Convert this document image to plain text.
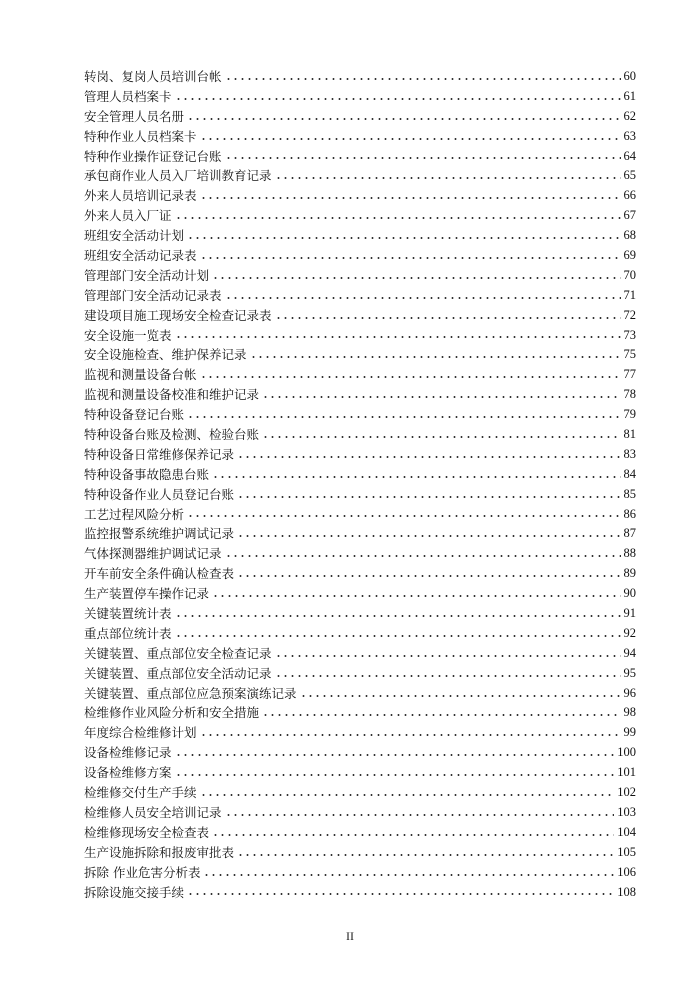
转岗、复岗人员培训台帐	60
管理人员档案卡	61
安全管理人员名册	62
特种作业人员档案卡	63
特种作业操作证登记台账	64
承包商作业人员入厂培训教育记录	65
外来人员培训记录表	66
外来人员入厂证	67
班组安全活动计划	68
班组安全活动记录表	69
管理部门安全活动计划	70
管理部门安全活动记录表	71
建设项目施工现场安全检查记录表	72
安全设施一览表	73
安全设施检查、维护保养记录	75
监视和测量设备台帐	77
监视和测量设备校准和维护记录	78
特种设备登记台账	79
特种设备台账及检测、检验台账	81
特种设备日常维修保养记录	83
特种设备事故隐患台账	84
特种设备作业人员登记台账	85
工艺过程风险分析	86
监控报警系统维护调试记录	87
气体探测器维护调试记录	88
开车前安全条件确认检查表	89
生产装置停车操作记录	90
关键装置统计表	91
重点部位统计表	92
关键装置、重点部位安全检查记录	94
关键装置、重点部位安全活动记录	95
关键装置、重点部位应急预案演练记录	96
检维修作业风险分析和安全措施	98
年度综合检维修计划	99
设备检维修记录	100
设备检维修方案	101
检维修交付生产手续	102
检维修人员安全培训记录	103
检维修现场安全检查表	104
生产设施拆除和报废审批表	105
拆除 作业危害分析表	106
拆除设施交接手续	108
II
